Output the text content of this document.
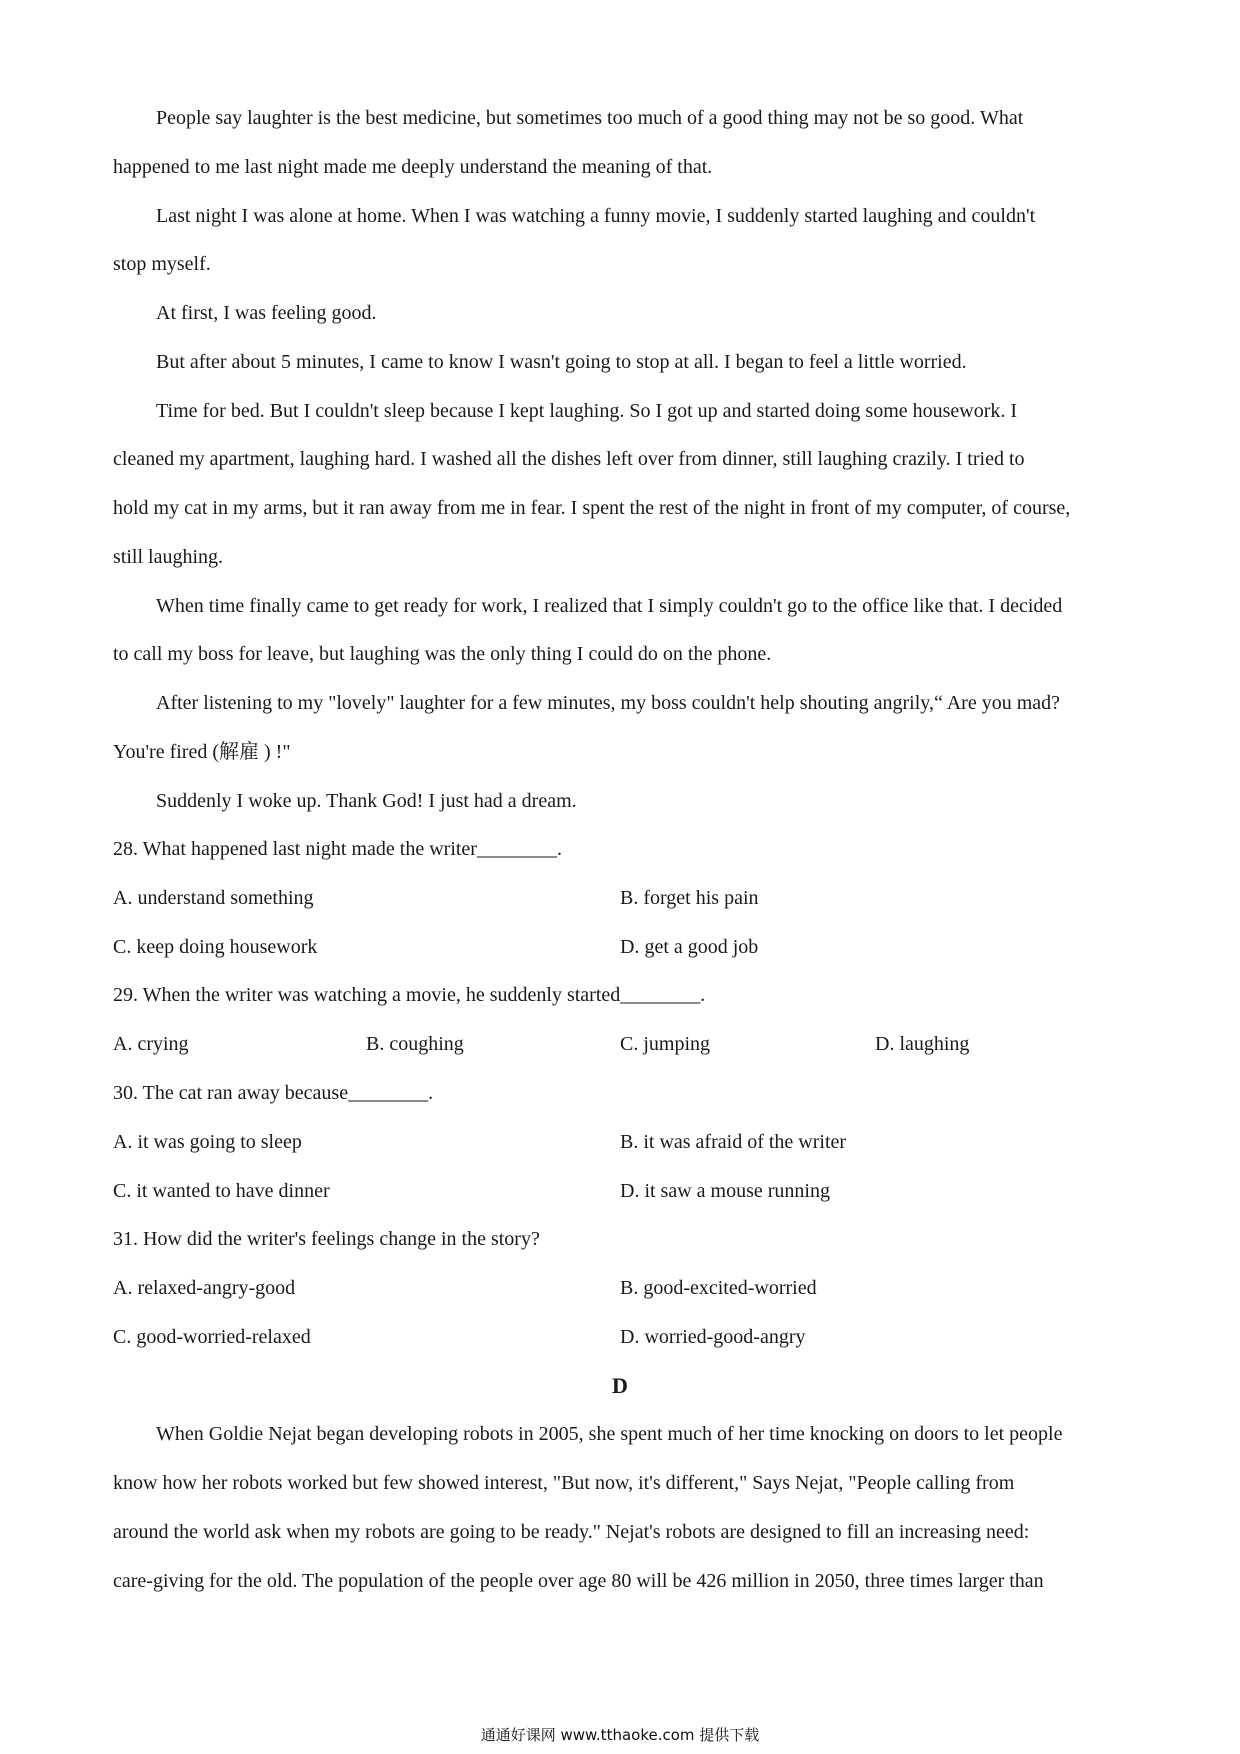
People say laughter is the best medicine, but sometimes too much of a good thing may not be so good. What
happened to me last night made me deeply understand the meaning of that.
Last night I was alone at home. When I was watching a funny movie, I suddenly started laughing and couldn't
stop myself.
At first, I was feeling good.
But after about 5 minutes, I came to know I wasn't going to stop at all. I began to feel a little worried.
Time for bed. But I couldn't sleep because I kept laughing. So I got up and started doing some housework. I
cleaned my apartment, laughing hard. I washed all the dishes left over from dinner, still laughing crazily. I tried to
hold my cat in my arms, but it ran away from me in fear. I spent the rest of the night in front of my computer, of course,
still laughing.
When time finally came to get ready for work, I realized that I simply couldn't go to the office like that. I decided
to call my boss for leave, but laughing was the only thing I could do on the phone.
After listening to my "lovely" laughter for a few minutes, my boss couldn't help shouting angrily,“ Are you mad?
You're fired (解雇 ) !"
Suddenly I woke up. Thank God! I just had a dream.
28. What happened last night made the writer________.
A. understand something	B. forget his pain
C. keep doing housework	D. get a good job
29. When the writer was watching a movie, he suddenly started________.
A. crying	B. coughing	C. jumping	D. laughing
30. The cat ran away because________.
A. it was going to sleep	B. it was afraid of the writer
C. it wanted to have dinner	D. it saw a mouse running
31. How did the writer's feelings change in the story?
A. relaxed-angry-good	B. good-excited-worried
C. good-worried-relaxed	D. worried-good-angry
D
When Goldie Nejat began developing robots in 2005, she spent much of her time knocking on doors to let people
know how her robots worked but few showed interest, "But now, it's different," Says Nejat, "People calling from
around the world ask when my robots are going to be ready." Nejat's robots are designed to fill an increasing need:
care-giving for the old. The population of the people over age 80 will be 426 million in 2050, three times larger than
通通好课网 www.tthaoke.com 提供下载
